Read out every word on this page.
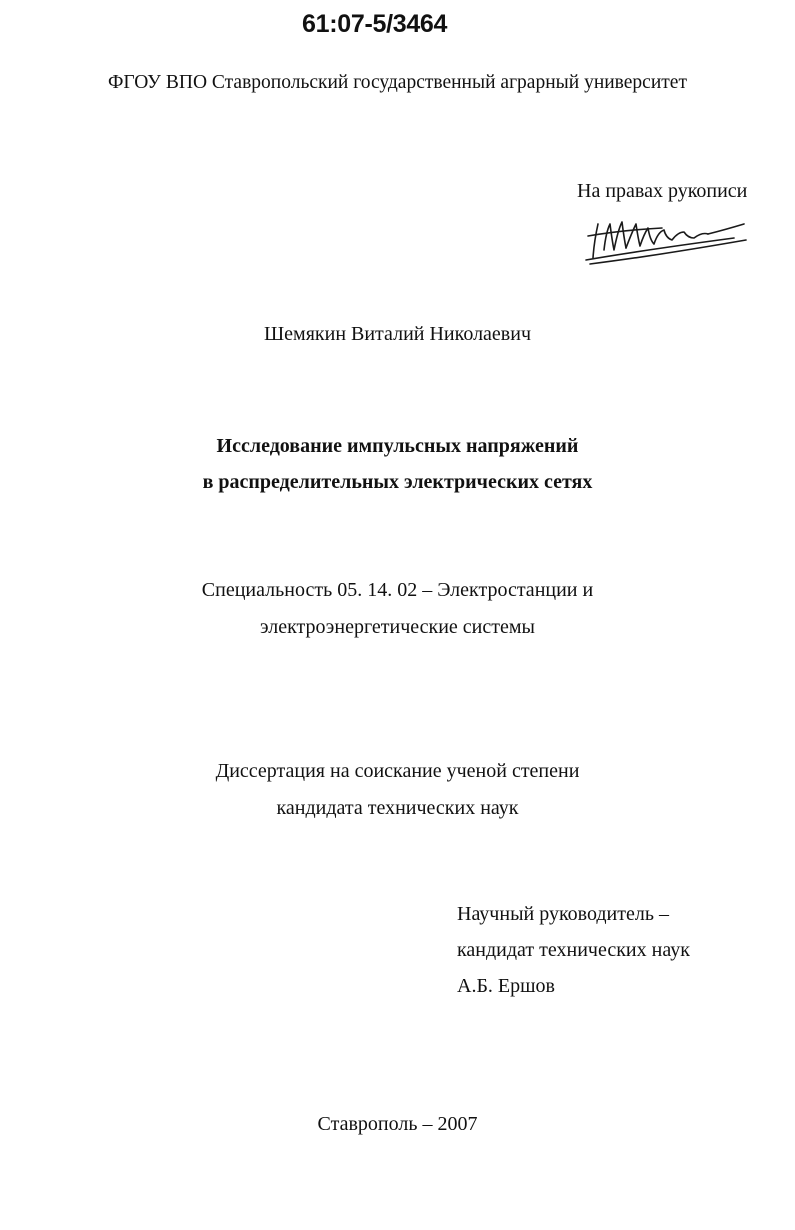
61:07-5/3464
ФГОУ ВПО Ставропольский государственный аграрный университет
На правах рукописи
Шемякин Виталий Николаевич
Исследование импульсных напряжений
в распределительных электрических сетях
Специальность 05. 14. 02 – Электростанции и
электроэнергетические системы
Диссертация на соискание ученой степени
кандидата технических наук
Научный руководитель –
кандидат технических наук
А.Б. Ершов
Ставрополь – 2007
